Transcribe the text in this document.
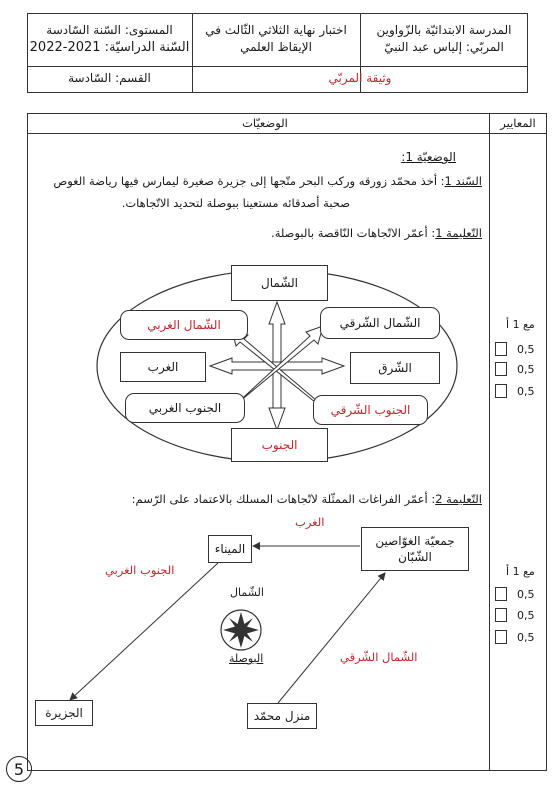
المدرسة الابتدائيّة بالزّواوين
المربّي: إلياس عبد النبيّ
اختبار نهاية الثلاثي الثّالث في
الإيقاظ العلمي
المستوى: السّنة السّادسة
السّنة الدراسيّة: 2021-2022
وثيقة المربّي
القسم: السّادسة
الوضعيّات	المعايير
الوضعيّة 1:
السّند 1: أخذ محمّد زورقه وركب البحر متّجها إلى جزيرة صغيرة ليمارس فيها رياضة الغوص
صحبة أصدقائه مستعينا ببوصلة لتحديد الاتّجاهات.
التّعليمة 1: أعمّر الاتّجاهات النّاقصة بالبوصلة.
الشّمال
الشّمال الغربي	الشّمال الشّرقي
الغرب	الشّرق
الجنوب الغربي	الجنوب الشّرقي
الجنوب
التّعليمة 2: أعمّر الفراغات الممثّلة لاتّجاهات المسلك بالاعتماد على الرّسم:
جمعيّة الغوّاصين
الشّبّان
الميناء
الجزيرة	منزل محمّد
الغرب
الجنوب الغربي
الشّمال الشّرقي
الشّمال
البوصلة
مع 1 أ
0,5
0,5
0,5
مع 1 أ
0,5
0,5
0,5
5
